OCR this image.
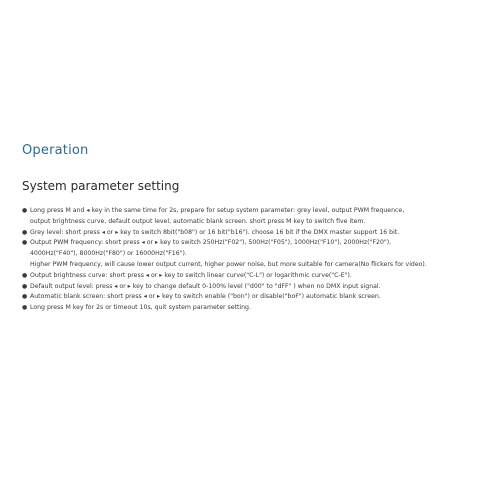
Operation
System parameter setting
● Long press M and ◂ key in the same time for 2s, prepare for setup system parameter: grey level, output PWM frequence,
output brightness curve, default output level, automatic blank screen. short press M key to switch five item.
● Grey level: short press ◂ or ▸ key to switch 8bit("b08") or 16 bit("b16"). choose 16 bit if the DMX master support 16 bit.
● Output PWM frequency: short press ◂ or ▸ key to switch 250Hz("F02"), 500Hz("F05"), 1000Hz("F10"), 2000Hz("F20"),
4000Hz("F40"), 8000Hz("F80") or 16000Hz("F16").
Higher PWM frequency, will cause lower output current, higher power noise, but more suitable for camera(No flickers for video).
● Output brightness curve: short press ◂ or ▸ key to switch linear curve("C-L") or logarithmic curve("C-E").
● Default output level: press ◂ or ▸ key to change default 0-100% level ("d00" to "dFF" ) when no DMX input signal.
● Automatic blank screen: short press ◂ or ▸ key to switch enable ("bon") or disable("boF") automatic blank screen.
● Long press M key for 2s or timeout 10s, quit system parameter setting.
